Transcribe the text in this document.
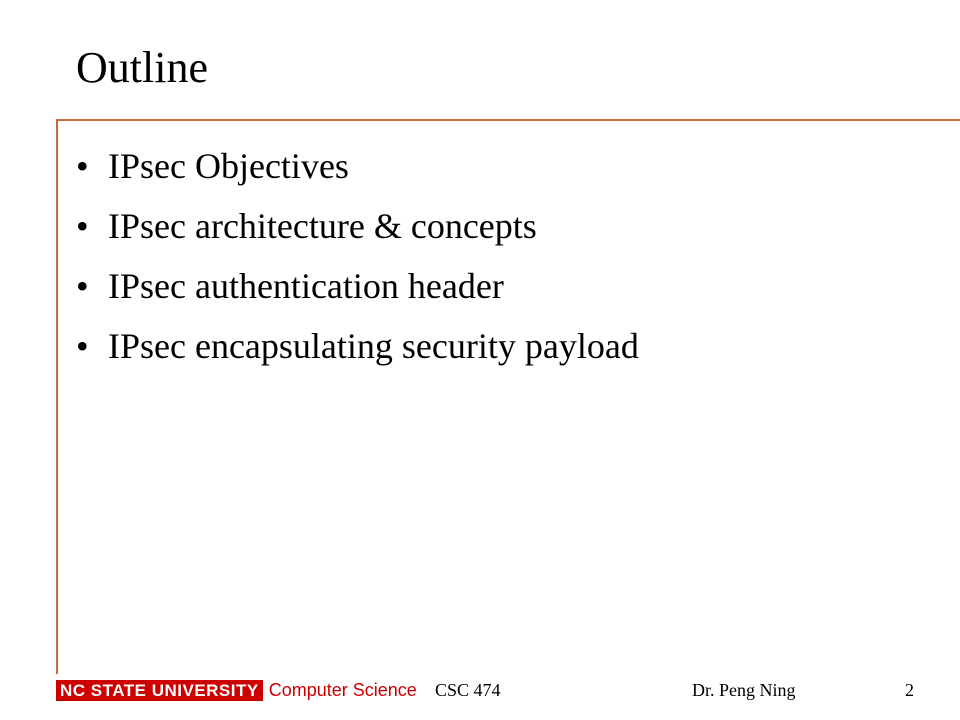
Outline
• IPsec Objectives
• IPsec architecture & concepts
• IPsec authentication header
• IPsec encapsulating security payload
NC STATE UNIVERSITY Computer Science CSC 474	Dr. Peng Ning	2
